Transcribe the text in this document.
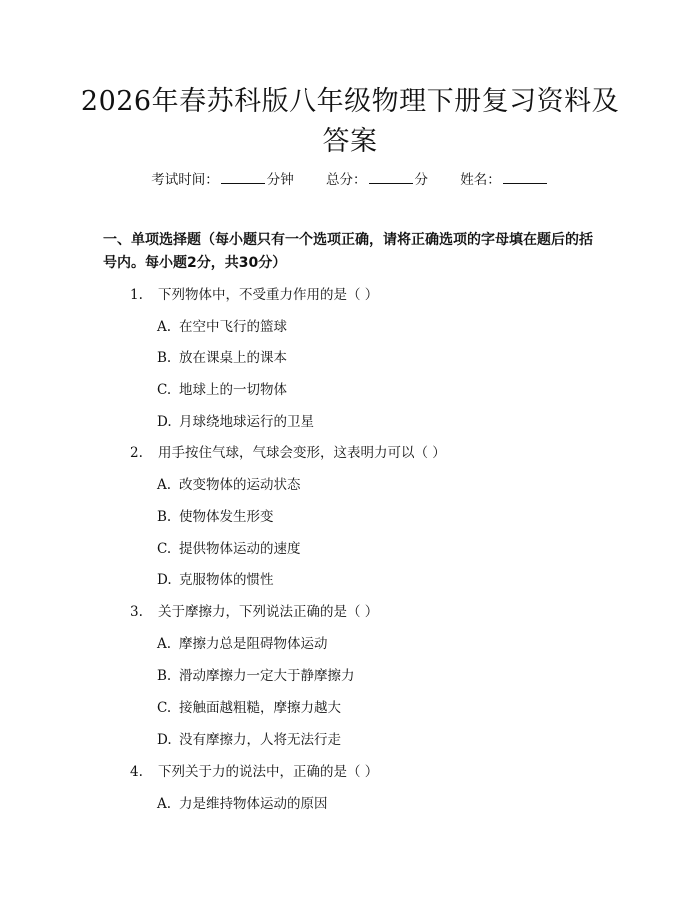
2026年春苏科版八年级物理下册复习资料及答案
考试时间：	分钟 总分：	分 姓名：
一、单项选择题（每小题只有一个选项正确，请将正确选项的字母填在题后的括号内。每小题2分，共30分）
1. 下列物体中，不受重力作用的是（ ）
A. 在空中飞行的篮球
B. 放在课桌上的课本
C. 地球上的一切物体
D. 月球绕地球运行的卫星
2. 用手按住气球，气球会变形，这表明力可以（ ）
A. 改变物体的运动状态
B. 使物体发生形变
C. 提供物体运动的速度
D. 克服物体的惯性
3. 关于摩擦力，下列说法正确的是（ ）
A. 摩擦力总是阻碍物体运动
B. 滑动摩擦力一定大于静摩擦力
C. 接触面越粗糙，摩擦力越大
D. 没有摩擦力，人将无法行走
4. 下列关于力的说法中，正确的是（ ）
A. 力是维持物体运动的原因
